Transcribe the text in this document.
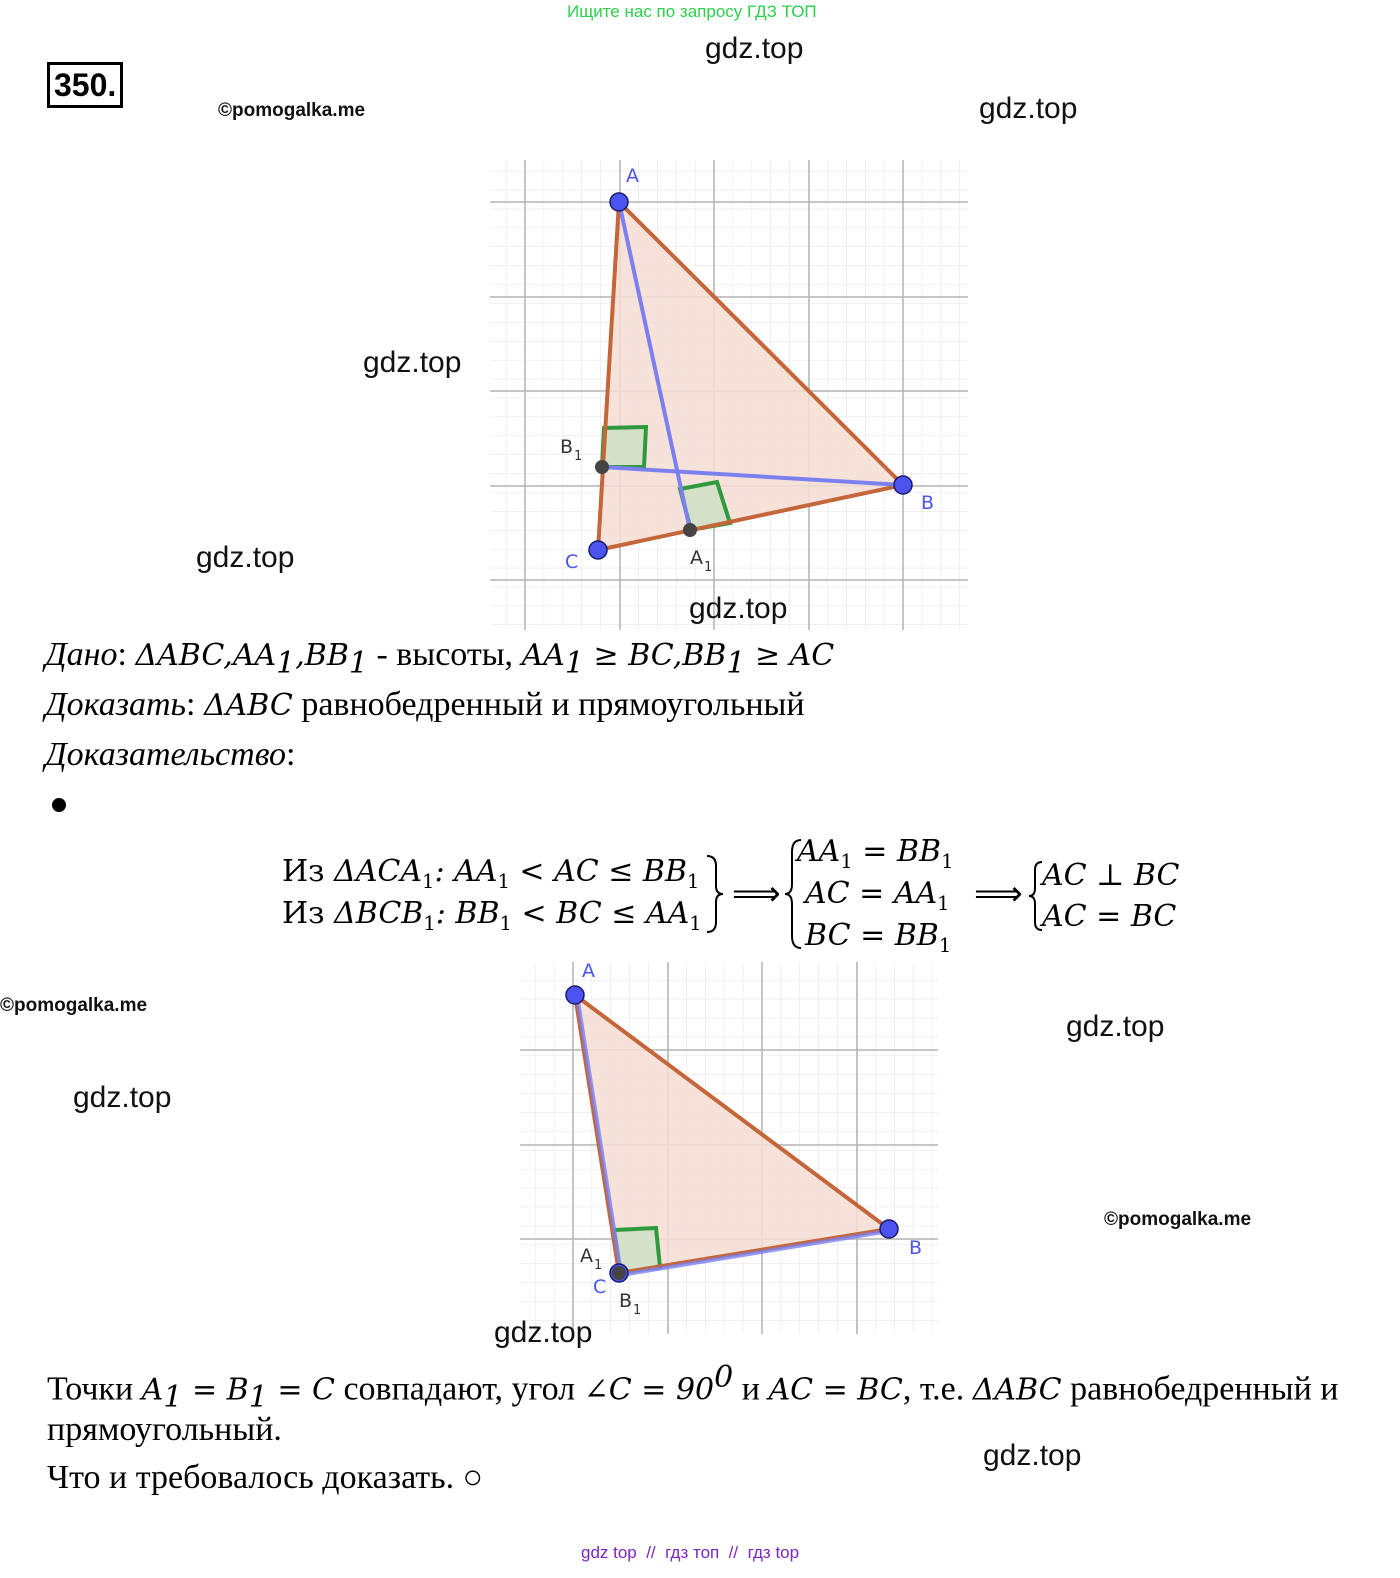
Ищите нас по запросу ГДЗ ТОП
350.
gdz.top
gdz.top
©pomogalka.me
gdz.top
gdz.top
A
B
C
B 1
A 1
gdz.top
Дано: $\Delta ABC,AA_1,BB_1$ - высоты, $AA_1 \ge BC,BB_1$ ≥ AC
Доказать: ΔABC равнобедренный и прямоугольный
Доказательство:
Из $\Delta ACA_1$: $AA_1$ < AC ≤ $BB_1$
Из $\Delta BCB_1$: $BB_1$ < BC ≤ $AA_1$
⟹
$AA_1 = BB_1$
AC = $AA_1$
BC = $BB_1$
⟹ AC ⊥ BC
AC = BC
©pomogalka.me
gdz.top
gdz.top
©pomogalka.me
A
B
C
A 1
B 1
gdz.top
Точки $A_1 = B_1 = C$ совпадают, угол ∠C = $90^0$ и AC = BC, т.е. ΔABC равнобедренный и
прямоугольный.
Что и требовалось доказать. ○
gdz.top
gdz top  //  гдз топ  //  гдз top
